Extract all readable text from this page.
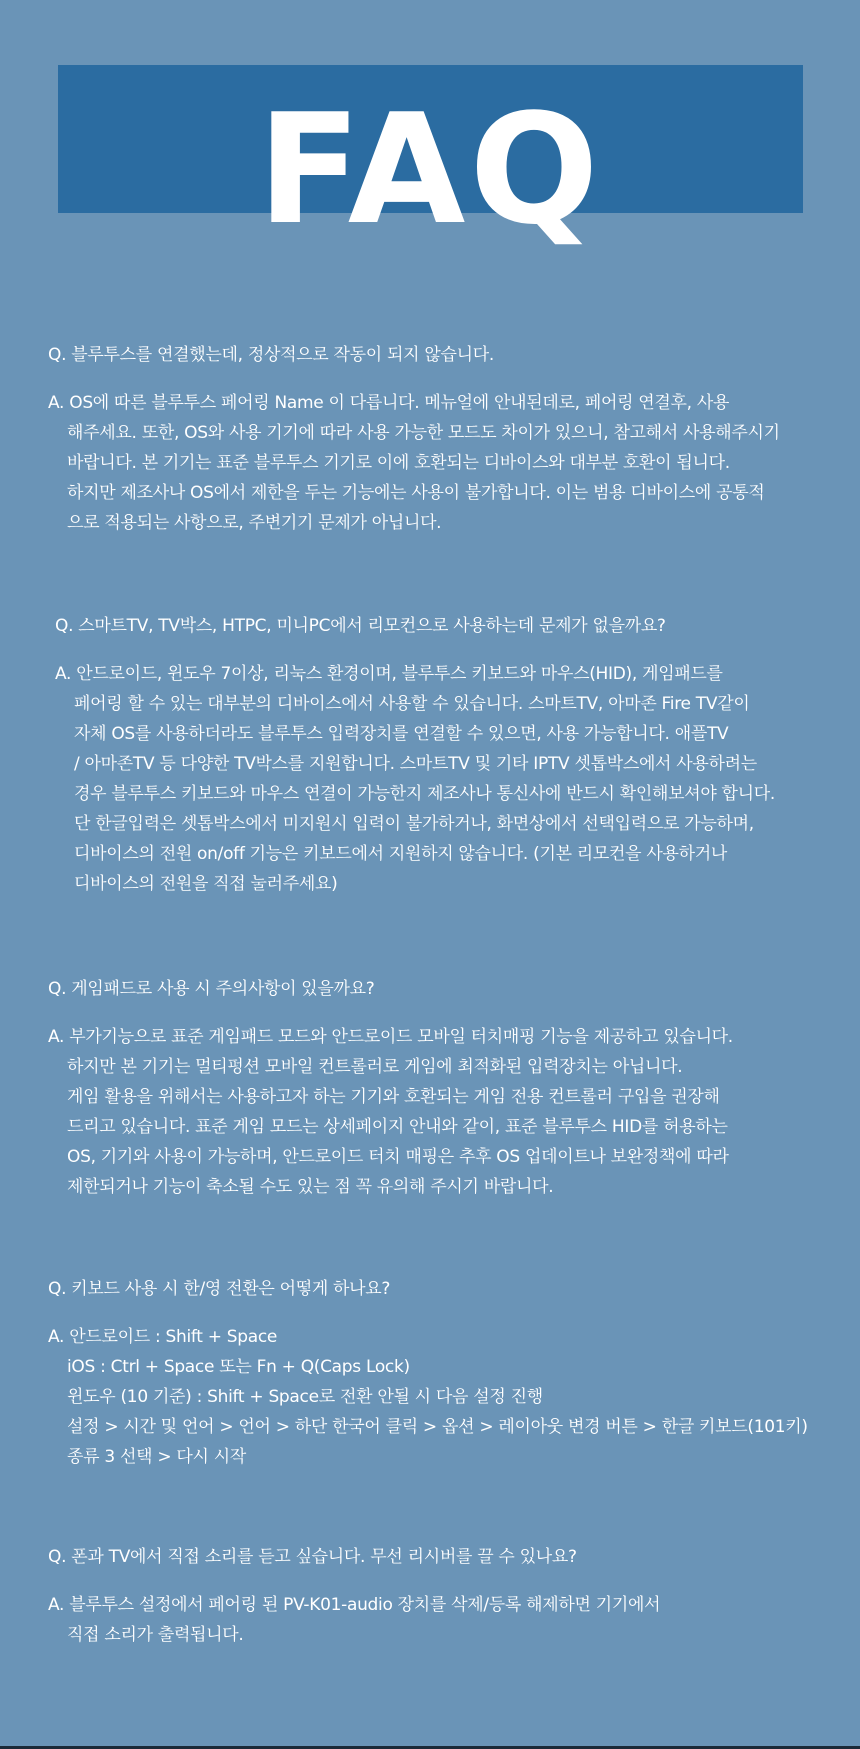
FAQ
Q. 블루투스를 연결했는데, 정상적으로 작동이 되지 않습니다.

A. OS에 따른 블루투스 페어링 Name 이 다릅니다. 메뉴얼에 안내된데로, 페어링 연결후, 사용

해주세요. 또한, OS와 사용 기기에 따라 사용 가능한 모드도 차이가 있으니, 참고해서 사용해주시기

바랍니다. 본 기기는 표준 블루투스 기기로 이에 호환되는 디바이스와 대부분 호환이 됩니다.

하지만 제조사나 OS에서 제한을 두는 기능에는 사용이 불가합니다. 이는 범용 디바이스에 공통적

으로 적용되는 사항으로, 주변기기 문제가 아닙니다.

Q. 스마트TV, TV박스, HTPC, 미니PC에서 리모컨으로 사용하는데 문제가 없을까요?

A. 안드로이드, 윈도우 7이상, 리눅스 환경이며, 블루투스 키보드와 마우스(HID), 게임패드를

페어링 할 수 있는 대부분의 디바이스에서 사용할 수 있습니다. 스마트TV, 아마존 Fire TV같이

자체 OS를 사용하더라도 블루투스 입력장치를 연결할 수 있으면, 사용 가능합니다. 애플TV

/ 아마존TV 등 다양한 TV박스를 지원합니다. 스마트TV 및 기타 IPTV 셋톱박스에서 사용하려는

경우 블루투스 키보드와 마우스 연결이 가능한지 제조사나 통신사에 반드시 확인해보셔야 합니다.

단 한글입력은 셋톱박스에서 미지원시 입력이 불가하거나, 화면상에서 선택입력으로 가능하며,

디바이스의 전원 on/off 기능은 키보드에서 지원하지 않습니다. (기본 리모컨을 사용하거나

디바이스의 전원을 직접 눌러주세요)

Q. 게임패드로 사용 시 주의사항이 있을까요?

A. 부가기능으로 표준 게임패드 모드와 안드로이드 모바일 터치매핑 기능을 제공하고 있습니다.

하지만 본 기기는 멀티펑션 모바일 컨트롤러로 게임에 최적화된 입력장치는 아닙니다.

게임 활용을 위해서는 사용하고자 하는 기기와 호환되는 게임 전용 컨트롤러 구입을 권장해

드리고 있습니다. 표준 게임 모드는 상세페이지 안내와 같이, 표준 블루투스 HID를 허용하는

OS, 기기와 사용이 가능하며, 안드로이드 터치 매핑은 추후 OS 업데이트나 보완정책에 따라

제한되거나 기능이 축소될 수도 있는 점 꼭 유의해 주시기 바랍니다.

Q. 키보드 사용 시 한/영 전환은 어떻게 하나요?

A. 안드로이드 : Shift + Space

iOS : Ctrl + Space 또는 Fn + Q(Caps Lock)

윈도우 (10 기준) : Shift + Space로 전환 안될 시 다음 설정 진행

설정 > 시간 및 언어 > 언어 > 하단 한국어 클릭 > 옵션 > 레이아웃 변경 버튼 > 한글 키보드(101키)

종류 3 선택 > 다시 시작

Q. 폰과 TV에서 직접 소리를 듣고 싶습니다. 무선 리시버를 끌 수 있나요?

A. 블루투스 설정에서 페어링 된 PV-K01-audio 장치를 삭제/등록 해제하면 기기에서

직접 소리가 출력됩니다.
